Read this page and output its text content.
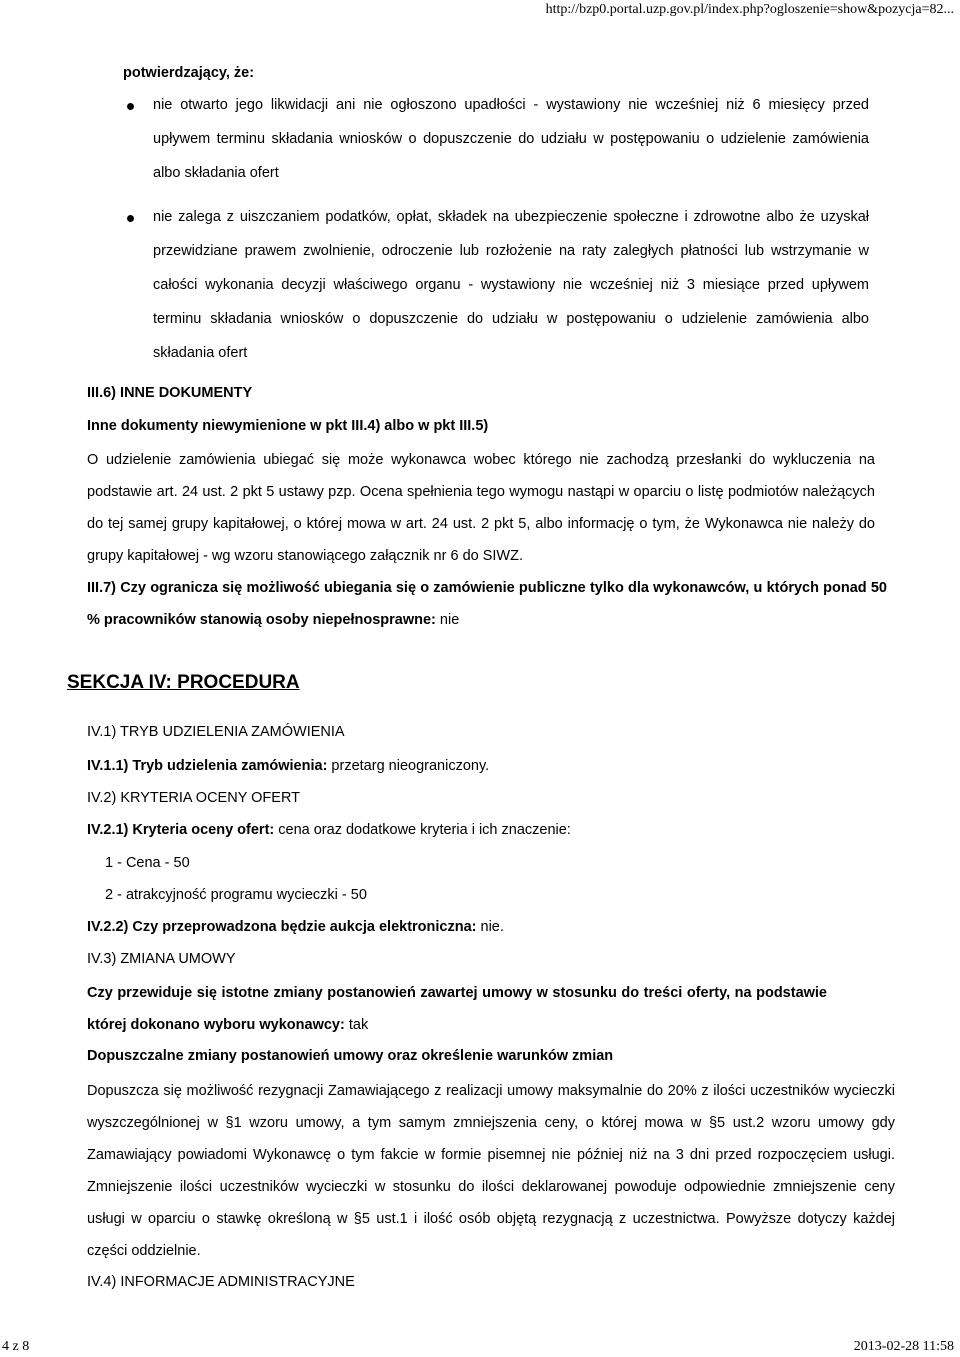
http://bzp0.portal.uzp.gov.pl/index.php?ogloszenie=show&pozycja=82...
potwierdzający, że:
nie otwarto jego likwidacji ani nie ogłoszono upadłości - wystawiony nie wcześniej niż 6 miesięcy przed upływem terminu składania wniosków o dopuszczenie do udziału w postępowaniu o udzielenie zamówienia albo składania ofert
nie zalega z uiszczaniem podatków, opłat, składek na ubezpieczenie społeczne i zdrowotne albo że uzyskał przewidziane prawem zwolnienie, odroczenie lub rozłożenie na raty zaległych płatności lub wstrzymanie w całości wykonania decyzji właściwego organu - wystawiony nie wcześniej niż 3 miesiące przed upływem terminu składania wniosków o dopuszczenie do udziału w postępowaniu o udzielenie zamówienia albo składania ofert
III.6) INNE DOKUMENTY
Inne dokumenty niewymienione w pkt III.4) albo w pkt III.5)
O udzielenie zamówienia ubiegać się może wykonawca wobec którego nie zachodzą przesłanki do wykluczenia na podstawie art. 24 ust. 2 pkt 5 ustawy pzp. Ocena spełnienia tego wymogu nastąpi w oparciu o listę podmiotów należących do tej samej grupy kapitałowej, o której mowa w art. 24 ust. 2 pkt 5, albo informację o tym, że Wykonawca nie należy do grupy kapitałowej - wg wzoru stanowiącego załącznik nr 6 do SIWZ.
III.7) Czy ogranicza się możliwość ubiegania się o zamówienie publiczne tylko dla wykonawców, u których ponad 50 % pracowników stanowią osoby niepełnosprawne: nie
SEKCJA IV: PROCEDURA
IV.1) TRYB UDZIELENIA ZAMÓWIENIA
IV.1.1) Tryb udzielenia zamówienia: przetarg nieograniczony.
IV.2) KRYTERIA OCENY OFERT
IV.2.1) Kryteria oceny ofert: cena oraz dodatkowe kryteria i ich znaczenie:
1 - Cena - 50
2 - atrakcyjność programu wycieczki - 50
IV.2.2) Czy przeprowadzona będzie aukcja elektroniczna: nie.
IV.3) ZMIANA UMOWY
Czy przewiduje się istotne zmiany postanowień zawartej umowy w stosunku do treści oferty, na podstawie której dokonano wyboru wykonawcy: tak
Dopuszczalne zmiany postanowień umowy oraz określenie warunków zmian
Dopuszcza się możliwość rezygnacji Zamawiającego z realizacji umowy maksymalnie do 20% z ilości uczestników wycieczki wyszczególnionej w §1 wzoru umowy, a tym samym zmniejszenia ceny, o której mowa w §5 ust.2 wzoru umowy gdy Zamawiający powiadomi Wykonawcę o tym fakcie w formie pisemnej nie później niż na 3 dni przed rozpoczęciem usługi. Zmniejszenie ilości uczestników wycieczki w stosunku do ilości deklarowanej powoduje odpowiednie zmniejszenie ceny usługi w oparciu o stawkę określoną w §5 ust.1 i ilość osób objętą rezygnacją z uczestnictwa. Powyższe dotyczy każdej części oddzielnie.
IV.4) INFORMACJE ADMINISTRACYJNE
4 z 8	2013-02-28 11:58
